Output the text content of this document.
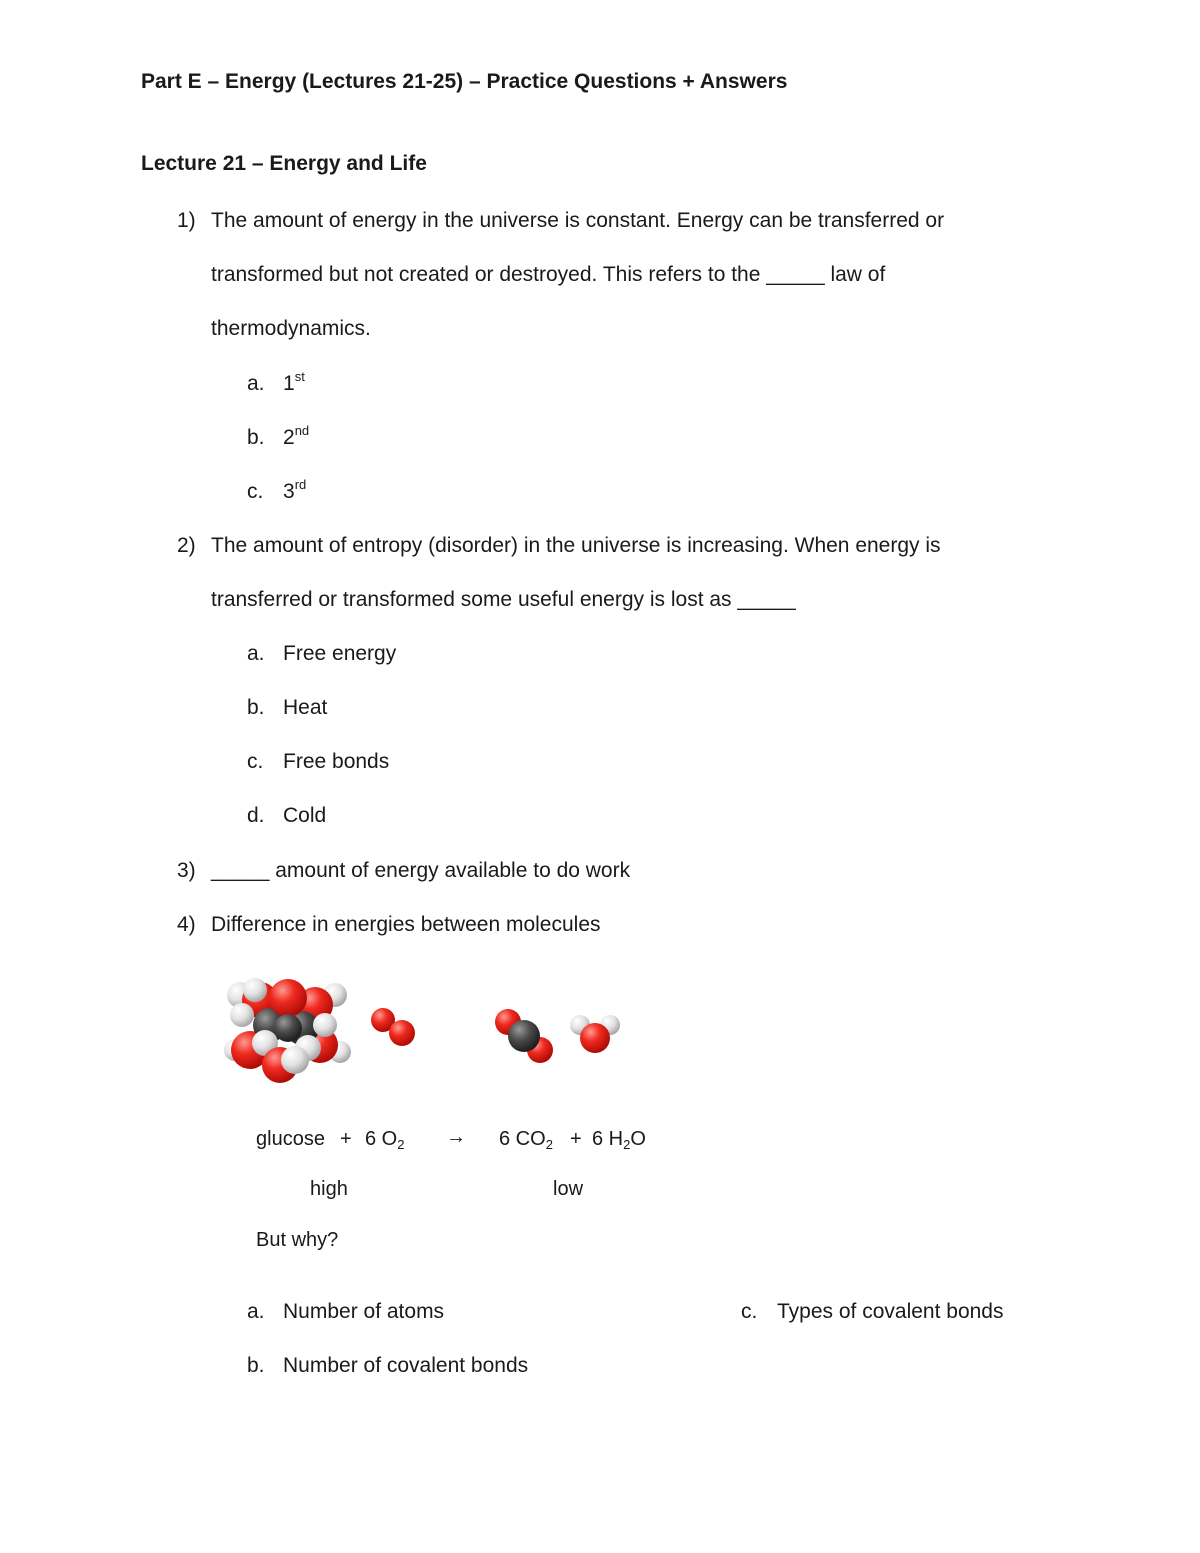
Part E – Energy (Lectures 21-25) – Practice Questions + Answers
Lecture 21 – Energy and Life
1) The amount of energy in the universe is constant. Energy can be transferred or
transformed but not created or destroyed. This refers to the _____ law of
thermodynamics.
a. 1st
b. 2nd
c. 3rd
2) The amount of entropy (disorder) in the universe is increasing. When energy is
transferred or transformed some useful energy is lost as _____
a. Free energy
b. Heat
c. Free bonds
d. Cold
3) _____ amount of energy available to do work
4) Difference in energies between molecules
glucose + 6 $O_2 \to 6$ $CO_2 + 6$ $H_2O$
high	low
But why?
a. Number of atoms
b. Number of covalent bonds
c. Types of covalent bonds
